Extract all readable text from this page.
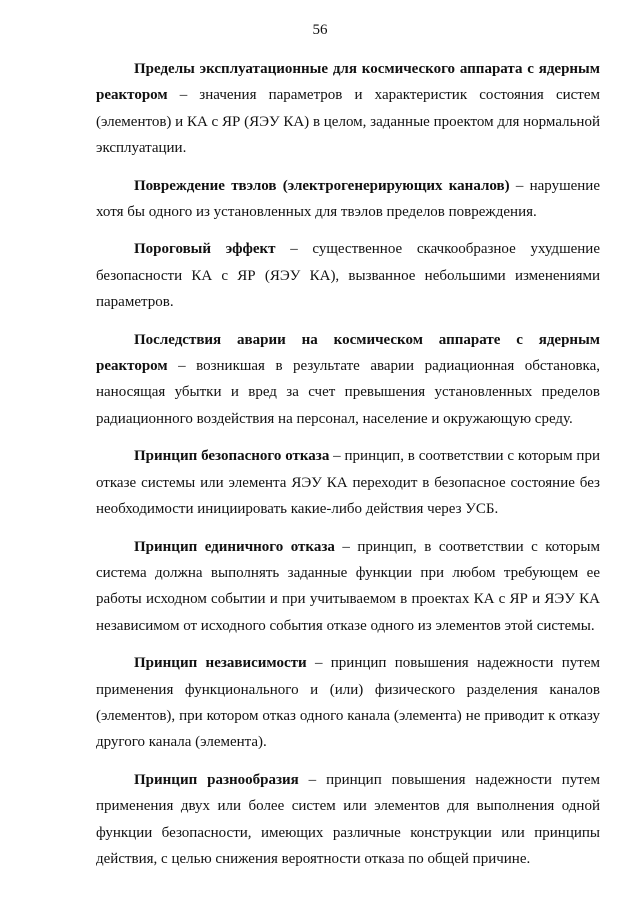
56

Пределы эксплуатационные для космического аппарата с ядерным реактором – значения параметров и характеристик состояния систем (элементов) и КА с ЯР (ЯЭУ КА) в целом, заданные проектом для нормальной эксплуатации.

Повреждение твэлов (электрогенерирующих каналов) – нарушение хотя бы одного из установленных для твэлов пределов повреждения.

Пороговый эффект – существенное скачкообразное ухудшение безопасности КА с ЯР (ЯЭУ КА), вызванное небольшими изменениями параметров.

Последствия аварии на космическом аппарате с ядерным реактором – возникшая в результате аварии радиационная обстановка, наносящая убытки и вред за счет превышения установленных пределов радиационного воздействия на персонал, население и окружающую среду.

Принцип безопасного отказа – принцип, в соответствии с которым при отказе системы или элемента ЯЭУ КА переходит в безопасное состояние без необходимости инициировать какие-либо действия через УСБ.

Принцип единичного отказа – принцип, в соответствии с которым система должна выполнять заданные функции при любом требующем ее работы исходном событии и при учитываемом в проектах КА с ЯР и ЯЭУ КА независимом от исходного события отказе одного из элементов этой системы.

Принцип независимости – принцип повышения надежности путем применения функционального и (или) физического разделения каналов (элементов), при котором отказ одного канала (элемента) не приводит к отказу другого канала (элемента).

Принцип разнообразия – принцип повышения надежности путем применения двух или более систем или элементов для выполнения одной функции безопасности, имеющих различные конструкции или принципы действия, с целью снижения вероятности отказа по общей причине.
